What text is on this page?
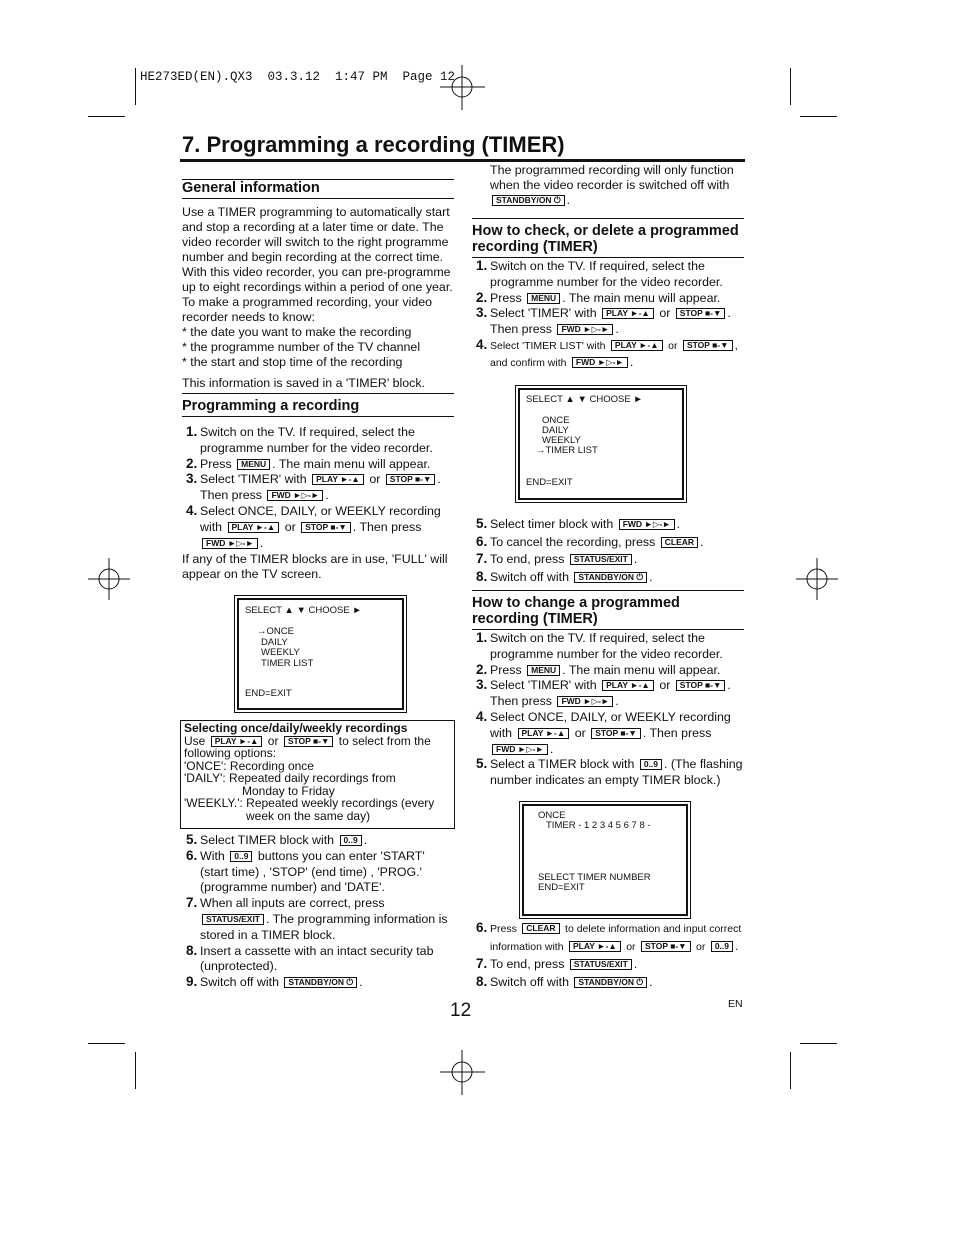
HE273ED(EN).QX3  03.3.12  1:47 PM  Page 12
7. Programming a recording (TIMER)
General information
Use a TIMER programming to automatically start and stop a recording at a later time or date. The video recorder will switch to the right programme number and begin recording at the correct time. With this video recorder, you can pre-programme up to eight recordings within a period of one year. To make a programmed recording, your video recorder needs to know:
* the date you want to make the recording
* the programme number of the TV channel
* the start and stop time of the recording
This information is saved in a 'TIMER' block.
Programming a recording
1. Switch on the TV. If required, select the programme number for the video recorder.
2. Press MENU . The main menu will appear.
3. Select 'TIMER' with PLAY ►-▲ or STOP ■-▼ .
Then press FWD ►▷-► .
4. Select ONCE, DAILY, or WEEKLY recording
with PLAY ►-▲ or STOP ■-▼ . Then press
FWD ►▷-► .
If any of the TIMER blocks are in use, 'FULL' will appear on the TV screen.
SELECT ▲ ▼ CHOOSE ►
→ONCE
DAILY
WEEKLY
TIMER LIST
END=EXIT
Selecting once/daily/weekly recordings
Use PLAY ►-▲ or STOP ■-▼ to select from the
following options:
'ONCE': Recording once
'DAILY': Repeated daily recordings from
Monday to Friday
'WEEKLY.': Repeated weekly recordings (every
week on the same day)
5. Select TIMER block with 0..9 .
6. With 0..9 buttons you can enter 'START' (start time) , 'STOP' (end time) , 'PROG.' (programme number) and 'DATE'.
7. When all inputs are correct, press
STATUS/EXIT . The programming information is stored in a TIMER block.
8. Insert a cassette with an intact security tab (unprotected).
9. Switch off with STANDBY/ON ⏻ .
The programmed recording will only function when the video recorder is switched off with
STANDBY/ON ⏻ .
How to check, or delete a programmed recording (TIMER)
1. Switch on the TV. If required, select the programme number for the video recorder.
2. Press MENU . The main menu will appear.
3. Select 'TIMER' with PLAY ►-▲ or STOP ■-▼ .
Then press FWD ►▷-► .
4. Select 'TIMER LIST' with PLAY ►-▲ or STOP ■-▼ ,
and confirm with FWD ►▷-► .
SELECT ▲ ▼ CHOOSE ►
ONCE
DAILY
WEEKLY
→TIMER LIST
END=EXIT
5. Select timer block with FWD ►▷-► .
6. To cancel the recording, press CLEAR .
7. To end, press STATUS/EXIT .
8. Switch off with STANDBY/ON ⏻ .
How to change a programmed recording (TIMER)
1. Switch on the TV. If required, select the programme number for the video recorder.
2. Press MENU . The main menu will appear.
3. Select 'TIMER' with PLAY ►-▲ or STOP ■-▼ .
Then press FWD ►▷-► .
4. Select ONCE, DAILY, or WEEKLY recording
with PLAY ►-▲ or STOP ■-▼ . Then press
FWD ►▷-► .
5. Select a TIMER block with 0..9 . (The flashing number indicates an empty TIMER block.)
ONCE
TIMER - 1 2 3 4 5 6 7 8 -
SELECT TIMER NUMBER
END=EXIT
6. Press CLEAR to delete information and input correct
information with PLAY ►-▲ or STOP ■-▼ or 0..9 .
7. To end, press STATUS/EXIT .
8. Switch off with STANDBY/ON ⏻ .
12	EN
